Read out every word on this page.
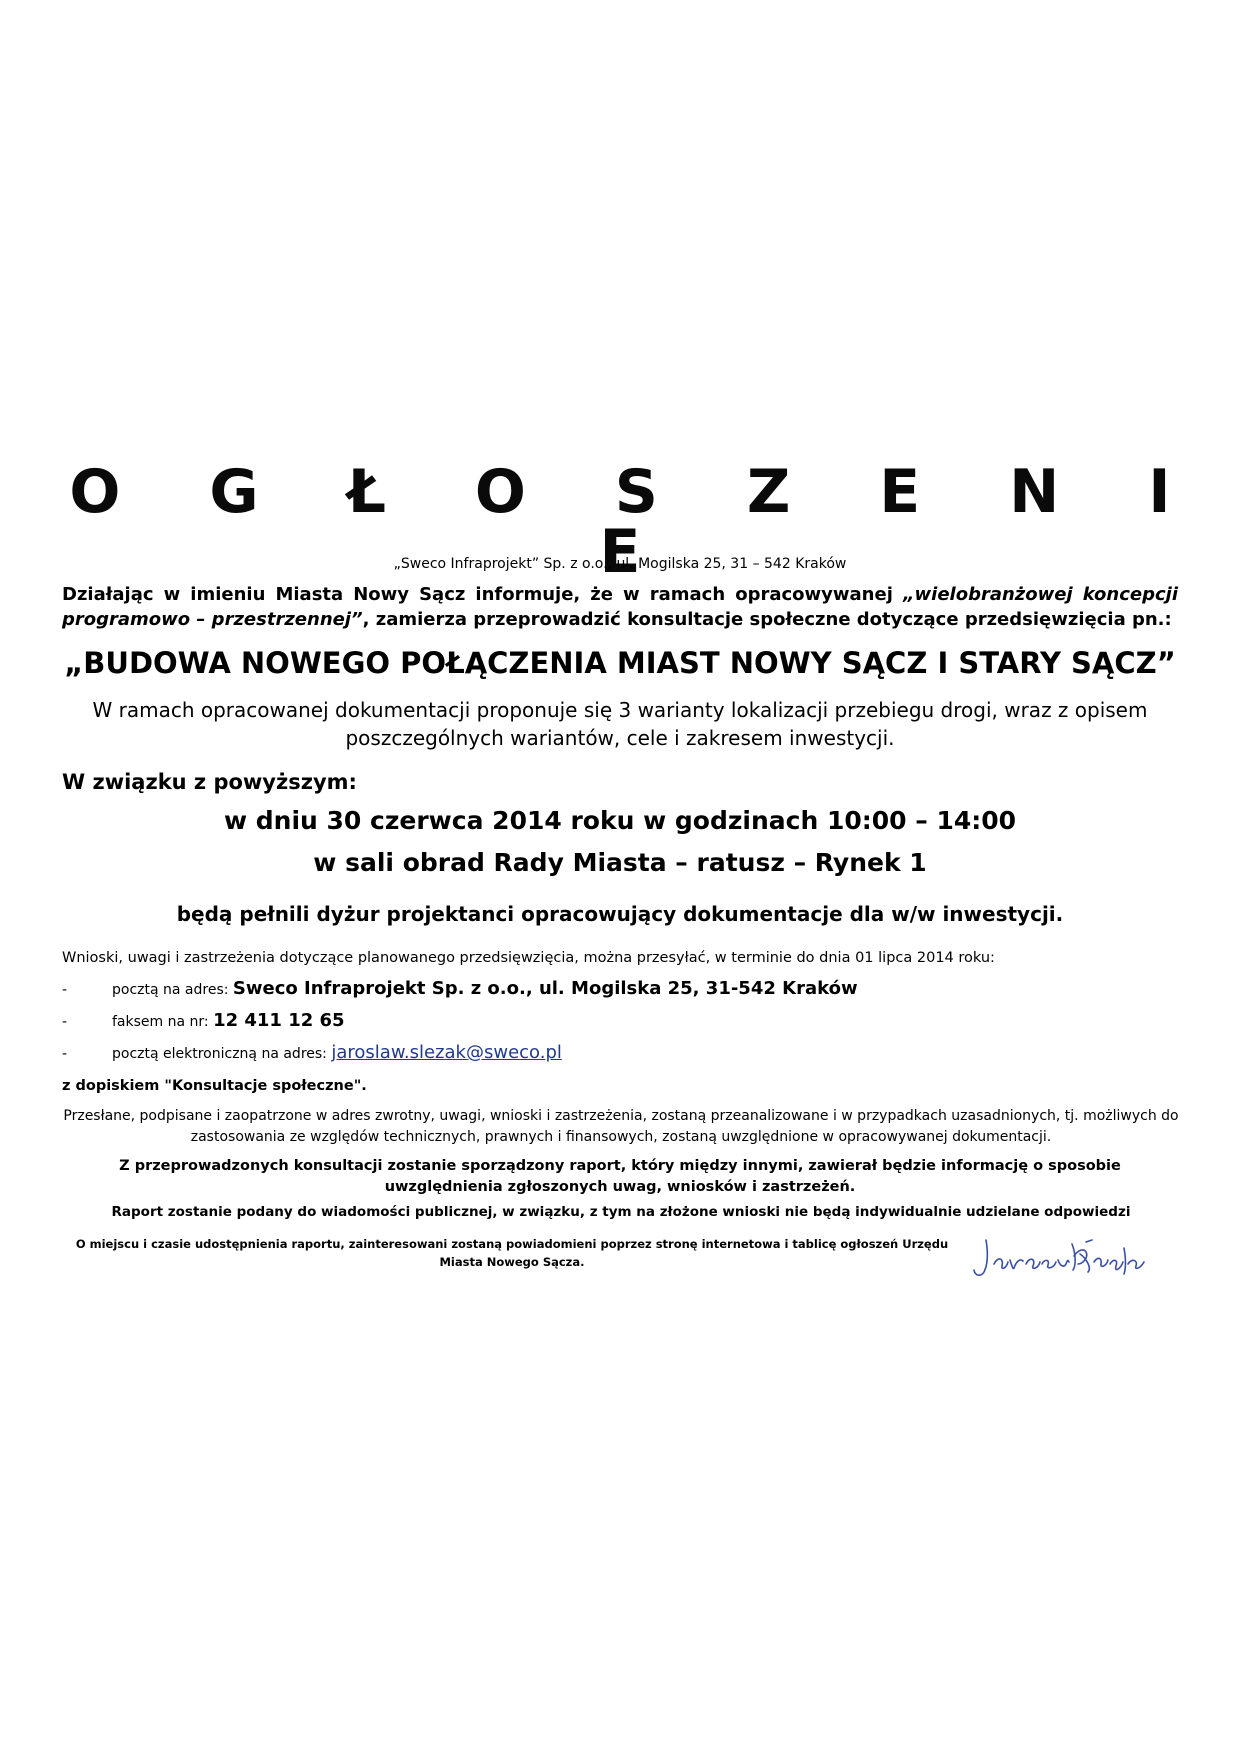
O G Ł O S Z E N I E
„Sweco Infraprojekt” Sp. z o.o., ul. Mogilska 25, 31 – 542 Kraków
Działając w imieniu Miasta Nowy Sącz informuje, że w ramach opracowywanej „wielobranżowej koncepcji programowo – przestrzennej”, zamierza przeprowadzić konsultacje społeczne dotyczące przedsięwzięcia pn.:
„BUDOWA NOWEGO POŁĄCZENIA MIAST NOWY SĄCZ I STARY SĄCZ”
W ramach opracowanej dokumentacji proponuje się 3 warianty lokalizacji przebiegu drogi, wraz z opisem poszczególnych wariantów, cele i zakresem inwestycji.
W związku z powyższym:
w dniu 30 czerwca 2014 roku w godzinach 10:00 – 14:00
w sali obrad Rady Miasta – ratusz – Rynek 1
będą pełnili dyżur projektanci opracowujący dokumentacje dla w/w inwestycji.
Wnioski, uwagi i zastrzeżenia dotyczące planowanego przedsięwzięcia, można przesyłać, w terminie do dnia 01 lipca 2014 roku:
-	pocztą na adres: Sweco Infraprojekt Sp. z o.o., ul. Mogilska 25, 31-542 Kraków
-	faksem na nr: 12 411 12 65
-	pocztą elektroniczną na adres: jaroslaw.slezak@sweco.pl
z dopiskiem "Konsultacje społeczne".
Przesłane, podpisane i zaopatrzone w adres zwrotny, uwagi, wnioski i zastrzeżenia, zostaną przeanalizowane i w przypadkach uzasadnionych, tj. możliwych do zastosowania ze względów technicznych, prawnych i finansowych, zostaną uwzględnione w opracowywanej dokumentacji.
Z przeprowadzonych konsultacji zostanie sporządzony raport, który między innymi, zawierał będzie informację o sposobie uwzględnienia zgłoszonych uwag, wniosków i zastrzeżeń.
Raport zostanie podany do wiadomości publicznej, w związku, z tym na złożone wnioski nie będą indywidualnie udzielane odpowiedzi
O miejscu i czasie udostępnienia raportu, zainteresowani zostaną powiadomieni poprzez stronę internetowa i tablicę ogłoszeń Urzędu Miasta Nowego Sącza.
